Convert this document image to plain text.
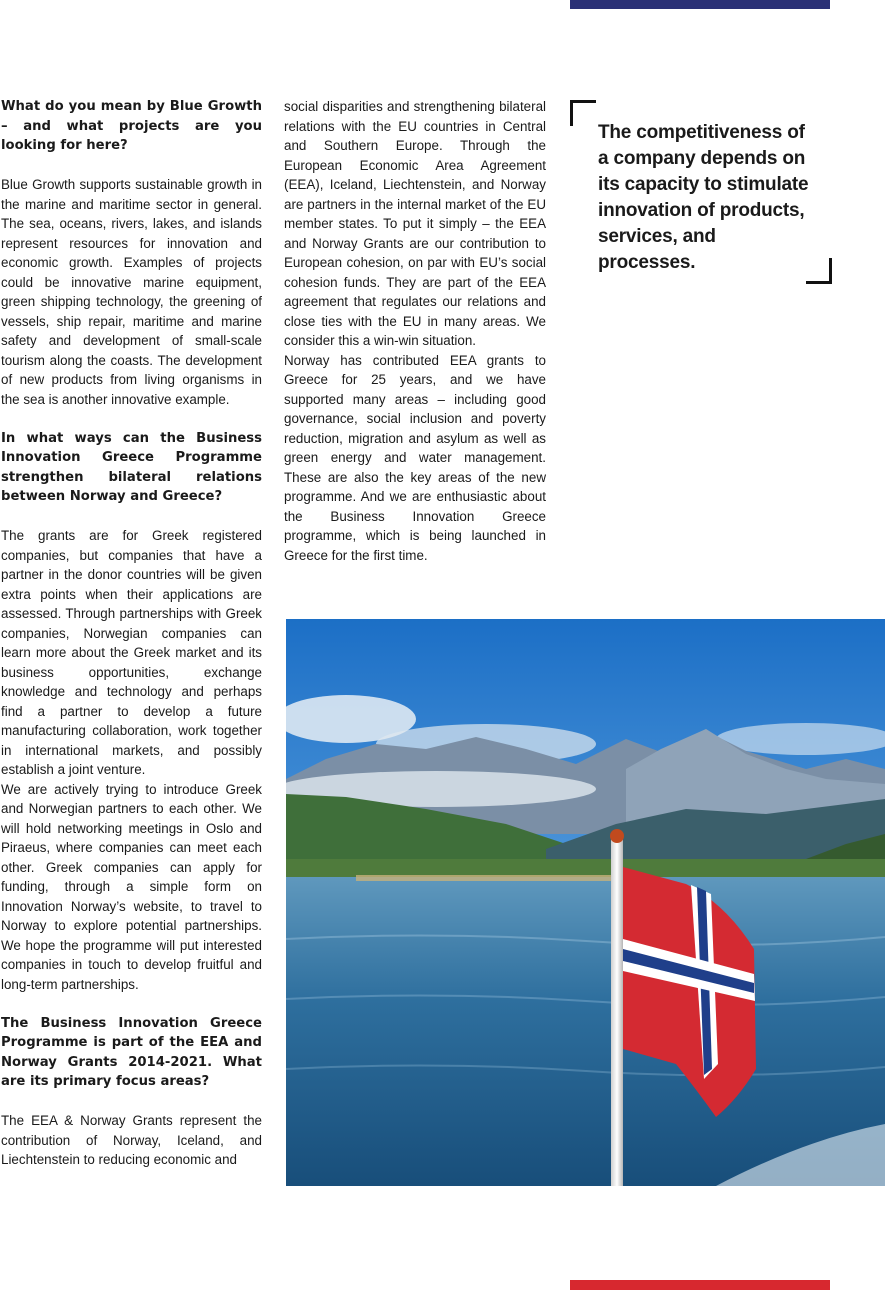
What do you mean by Blue Growth – and what projects are you looking for here?

Blue Growth supports sustainable growth in the marine and maritime sector in general. The sea, oceans, rivers, lakes, and islands represent resources for innovation and economic growth. Examples of projects could be innovative marine equipment, green shipping technology, the greening of vessels, ship repair, maritime and marine safety and development of small-scale tourism along the coasts. The development of new products from living organisms in the sea is another innovative example.

In what ways can the Business Innovation Greece Programme strengthen bilateral relations between Norway and Greece?

The grants are for Greek registered companies, but companies that have a partner in the donor countries will be given extra points when their applications are assessed. Through partnerships with Greek companies, Norwegian companies can learn more about the Greek market and its business opportunities, exchange knowledge and technology and perhaps find a partner to develop a future manufacturing collaboration, work together in international markets, and possibly establish a joint venture.

We are actively trying to introduce Greek and Norwegian partners to each other. We will hold networking meetings in Oslo and Piraeus, where companies can meet each other. Greek companies can apply for funding, through a simple form on Innovation Norway’s website, to travel to Norway to explore potential partnerships. We hope the programme will put interested companies in touch to develop fruitful and long-term partnerships.

The Business Innovation Greece Programme is part of the EEA and Norway Grants 2014-2021. What are its primary focus areas?

The EEA & Norway Grants represent the contribution of Norway, Iceland, and Liechtenstein to reducing economic and

social disparities and strengthening bilateral relations with the EU countries in Central and Southern Europe. Through the European Economic Area Agreement (EEA), Iceland, Liechtenstein, and Norway are partners in the internal market of the EU member states. To put it simply – the EEA and Norway Grants are our contribution to European cohesion, on par with EU’s social cohesion funds. They are part of the EEA agreement that regulates our relations and close ties with the EU in many areas. We consider this a win-win situation.

Norway has contributed EEA grants to Greece for 25 years, and we have supported many areas – including good governance, social inclusion and poverty reduction, migration and asylum as well as green energy and water management. These are also the key areas of the new programme. And we are enthusiastic about the Business Innovation Greece programme, which is being launched in Greece for the first time.

The competitiveness of a company depends on its capacity to stimulate innovation of products, services, and processes.
